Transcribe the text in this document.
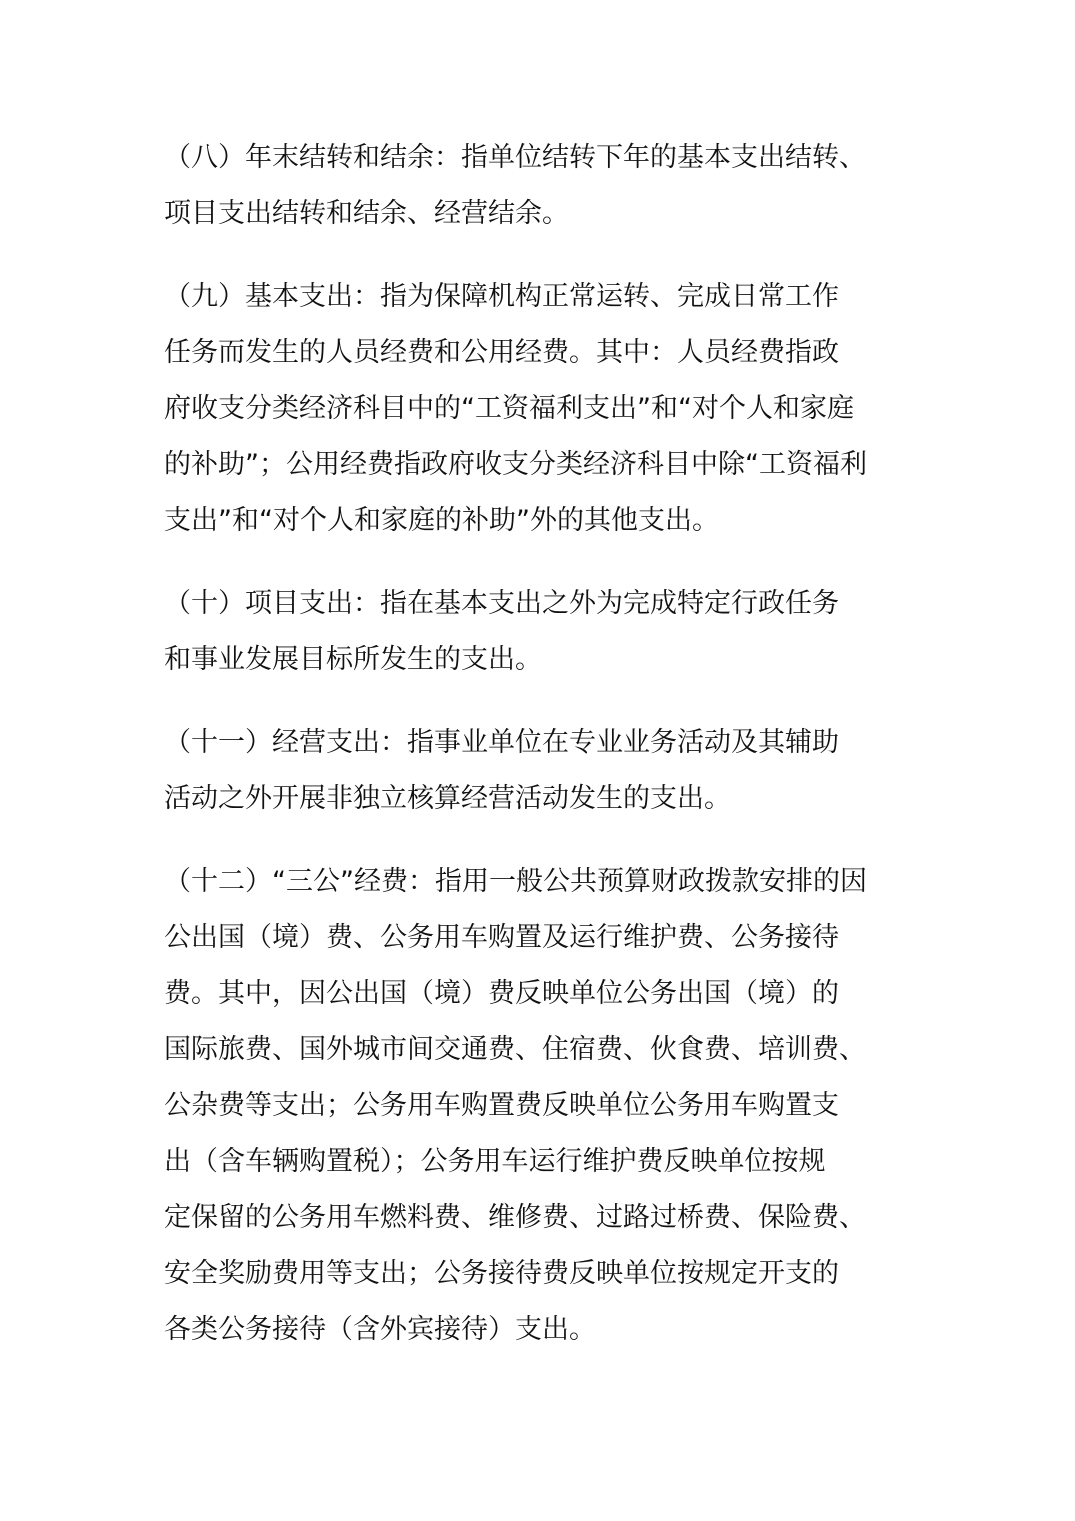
（八）年末结转和结余：指单位结转下年的基本支出结转、
项目支出结转和结余、经营结余。

（九）基本支出：指为保障机构正常运转、完成日常工作
任务而发生的人员经费和公用经费。其中：人员经费指政
府收支分类经济科目中的“工资福利支出”和“对个人和家庭
的补助”；公用经费指政府收支分类经济科目中除“工资福利
支出”和“对个人和家庭的补助”外的其他支出。

（十）项目支出：指在基本支出之外为完成特定行政任务
和事业发展目标所发生的支出。

（十一）经营支出：指事业单位在专业业务活动及其辅助
活动之外开展非独立核算经营活动发生的支出。

（十二）“三公”经费：指用一般公共预算财政拨款安排的因
公出国（境）费、公务用车购置及运行维护费、公务接待
费。其中，因公出国（境）费反映单位公务出国（境）的
国际旅费、国外城市间交通费、住宿费、伙食费、培训费、
公杂费等支出；公务用车购置费反映单位公务用车购置支
出（含车辆购置税）；公务用车运行维护费反映单位按规
定保留的公务用车燃料费、维修费、过路过桥费、保险费、
安全奖励费用等支出；公务接待费反映单位按规定开支的
各类公务接待（含外宾接待）支出。
